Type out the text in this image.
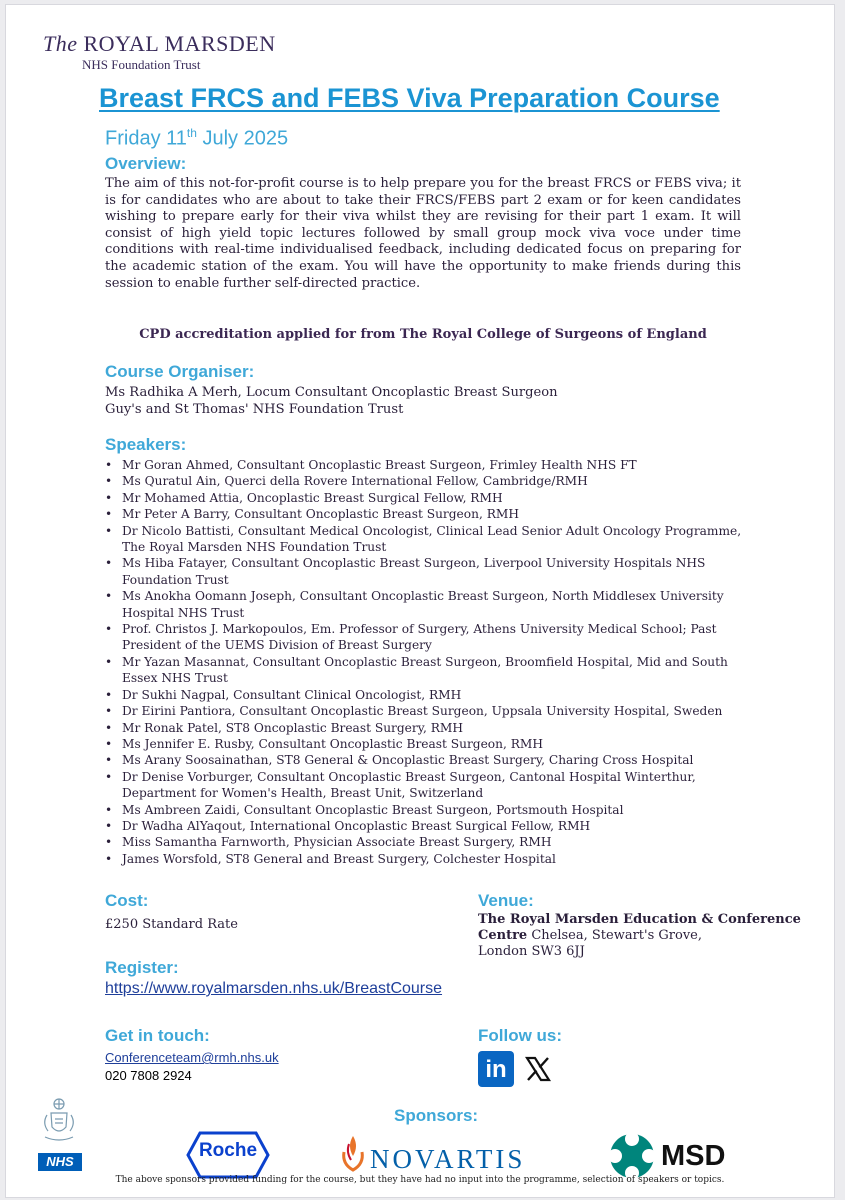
The ROYAL MARSDEN
NHS Foundation Trust
Breast FRCS and FEBS Viva Preparation Course
Friday 11th July 2025
Overview:
The aim of this not-for-profit course is to help prepare you for the breast FRCS or FEBS viva; it is for candidates who are about to take their FRCS/FEBS part 2 exam or for keen candidates wishing to prepare early for their viva whilst they are revising for their part 1 exam. It will consist of high yield topic lectures followed by small group mock viva voce under time conditions with real-time individualised feedback, including dedicated focus on preparing for the academic station of the exam. You will have the opportunity to make friends during this session to enable further self-directed practice.
CPD accreditation applied for from The Royal College of Surgeons of England
Course Organiser:
Ms Radhika A Merh, Locum Consultant Oncoplastic Breast Surgeon
Guy's and St Thomas' NHS Foundation Trust
Speakers:
• Mr Goran Ahmed, Consultant Oncoplastic Breast Surgeon, Frimley Health NHS FT
• Ms Quratul Ain, Querci della Rovere International Fellow, Cambridge/RMH
• Mr Mohamed Attia, Oncoplastic Breast Surgical Fellow, RMH
• Mr Peter A Barry, Consultant Oncoplastic Breast Surgeon, RMH
• Dr Nicolo Battisti, Consultant Medical Oncologist, Clinical Lead Senior Adult Oncology Programme, The Royal Marsden NHS Foundation Trust
• Ms Hiba Fatayer, Consultant Oncoplastic Breast Surgeon, Liverpool University Hospitals NHS Foundation Trust
• Ms Anokha Oomann Joseph, Consultant Oncoplastic Breast Surgeon, North Middlesex University Hospital NHS Trust
• Prof. Christos J. Markopoulos, Em. Professor of Surgery, Athens University Medical School; Past President of the UEMS Division of Breast Surgery
• Mr Yazan Masannat, Consultant Oncoplastic Breast Surgeon, Broomfield Hospital, Mid and South Essex NHS Trust
• Dr Sukhi Nagpal, Consultant Clinical Oncologist, RMH
• Dr Eirini Pantiora, Consultant Oncoplastic Breast Surgeon, Uppsala University Hospital, Sweden
• Mr Ronak Patel, ST8 Oncoplastic Breast Surgery, RMH
• Ms Jennifer E. Rusby, Consultant Oncoplastic Breast Surgeon, RMH
• Ms Arany Soosainathan, ST8 General & Oncoplastic Breast Surgery, Charing Cross Hospital
• Dr Denise Vorburger, Consultant Oncoplastic Breast Surgeon, Cantonal Hospital Winterthur, Department for Women's Health, Breast Unit, Switzerland
• Ms Ambreen Zaidi, Consultant Oncoplastic Breast Surgeon, Portsmouth Hospital
• Dr Wadha AlYaqout, International Oncoplastic Breast Surgical Fellow, RMH
• Miss Samantha Farnworth, Physician Associate Breast Surgery, RMH
• James Worsfold, ST8 General and Breast Surgery, Colchester Hospital
Cost:
£250 Standard Rate
Venue:
The Royal Marsden Education & Conference
Centre Chelsea, Stewart's Grove,
London SW3 6JJ
Register:
https://www.royalmarsden.nhs.uk/BreastCourse
Get in touch:
Conferenceteam@rmh.nhs.uk
020 7808 2924
Follow us:
in
NHS
Sponsors:
Roche	NOVARTIS	MSD
The above sponsors provided funding for the course, but they have had no input into the programme, selection of speakers or topics.
